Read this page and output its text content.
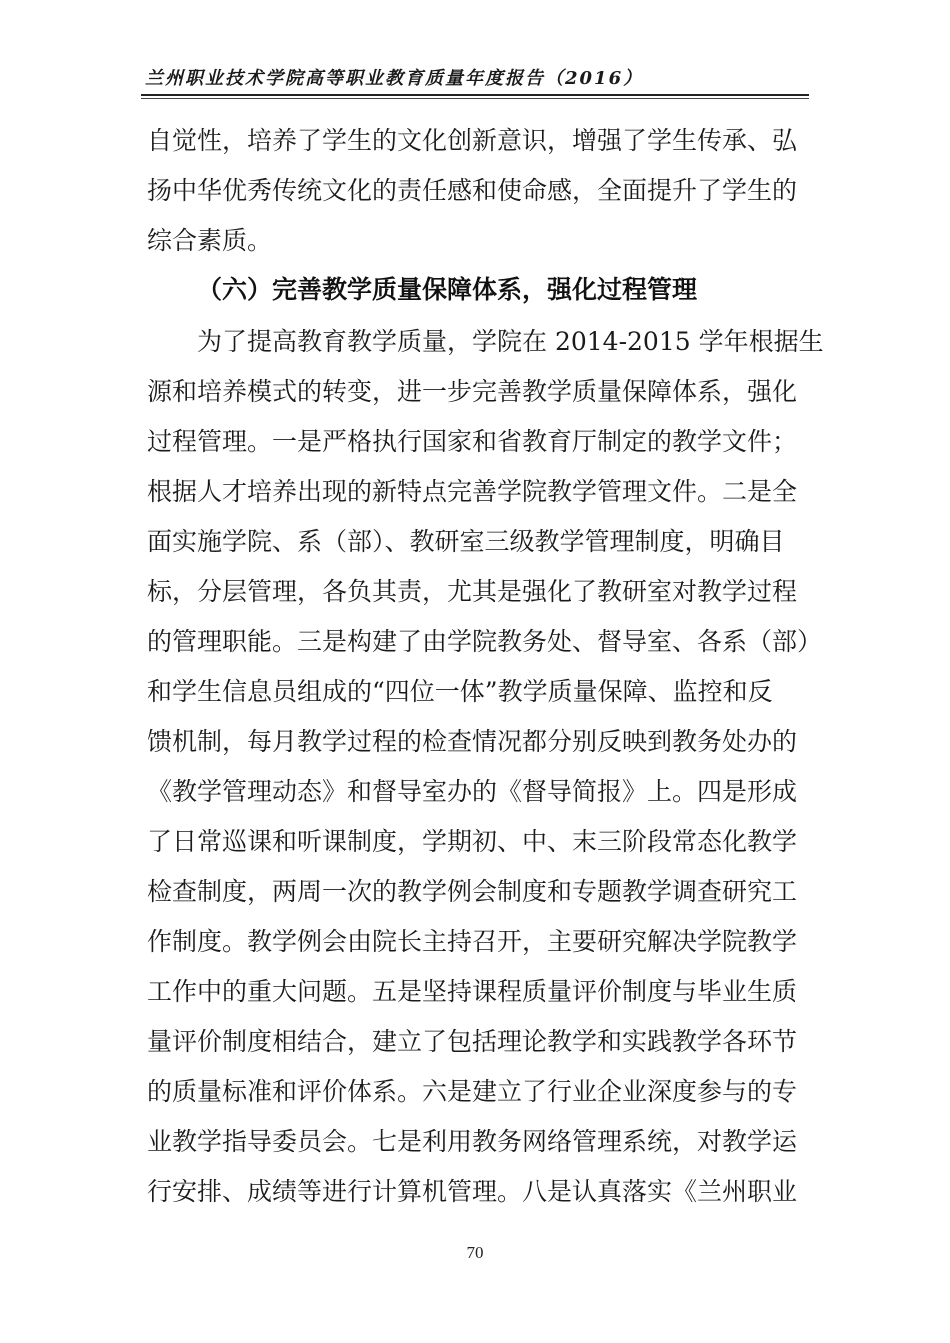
兰州职业技术学院高等职业教育质量年度报告（2016）
自觉性，培养了学生的文化创新意识，增强了学生传承、弘
扬中华优秀传统文化的责任感和使命感，全面提升了学生的
综合素质。
（六）完善教学质量保障体系，强化过程管理
　　为了提高教育教学质量，学院在 2014-2015 学年根据生
源和培养模式的转变，进一步完善教学质量保障体系，强化
过程管理。一是严格执行国家和省教育厅制定的教学文件；
根据人才培养出现的新特点完善学院教学管理文件。二是全
面实施学院、系（部）、教研室三级教学管理制度，明确目
标，分层管理，各负其责，尤其是强化了教研室对教学过程
的管理职能。三是构建了由学院教务处、督导室、各系（部）
和学生信息员组成的“四位一体”教学质量保障、监控和反
馈机制，每月教学过程的检查情况都分别反映到教务处办的
《教学管理动态》和督导室办的《督导简报》上。四是形成
了日常巡课和听课制度，学期初、中、末三阶段常态化教学
检查制度，两周一次的教学例会制度和专题教学调查研究工
作制度。教学例会由院长主持召开，主要研究解决学院教学
工作中的重大问题。五是坚持课程质量评价制度与毕业生质
量评价制度相结合，建立了包括理论教学和实践教学各环节
的质量标准和评价体系。六是建立了行业企业深度参与的专
业教学指导委员会。七是利用教务网络管理系统，对教学运
行安排、成绩等进行计算机管理。八是认真落实《兰州职业
70
